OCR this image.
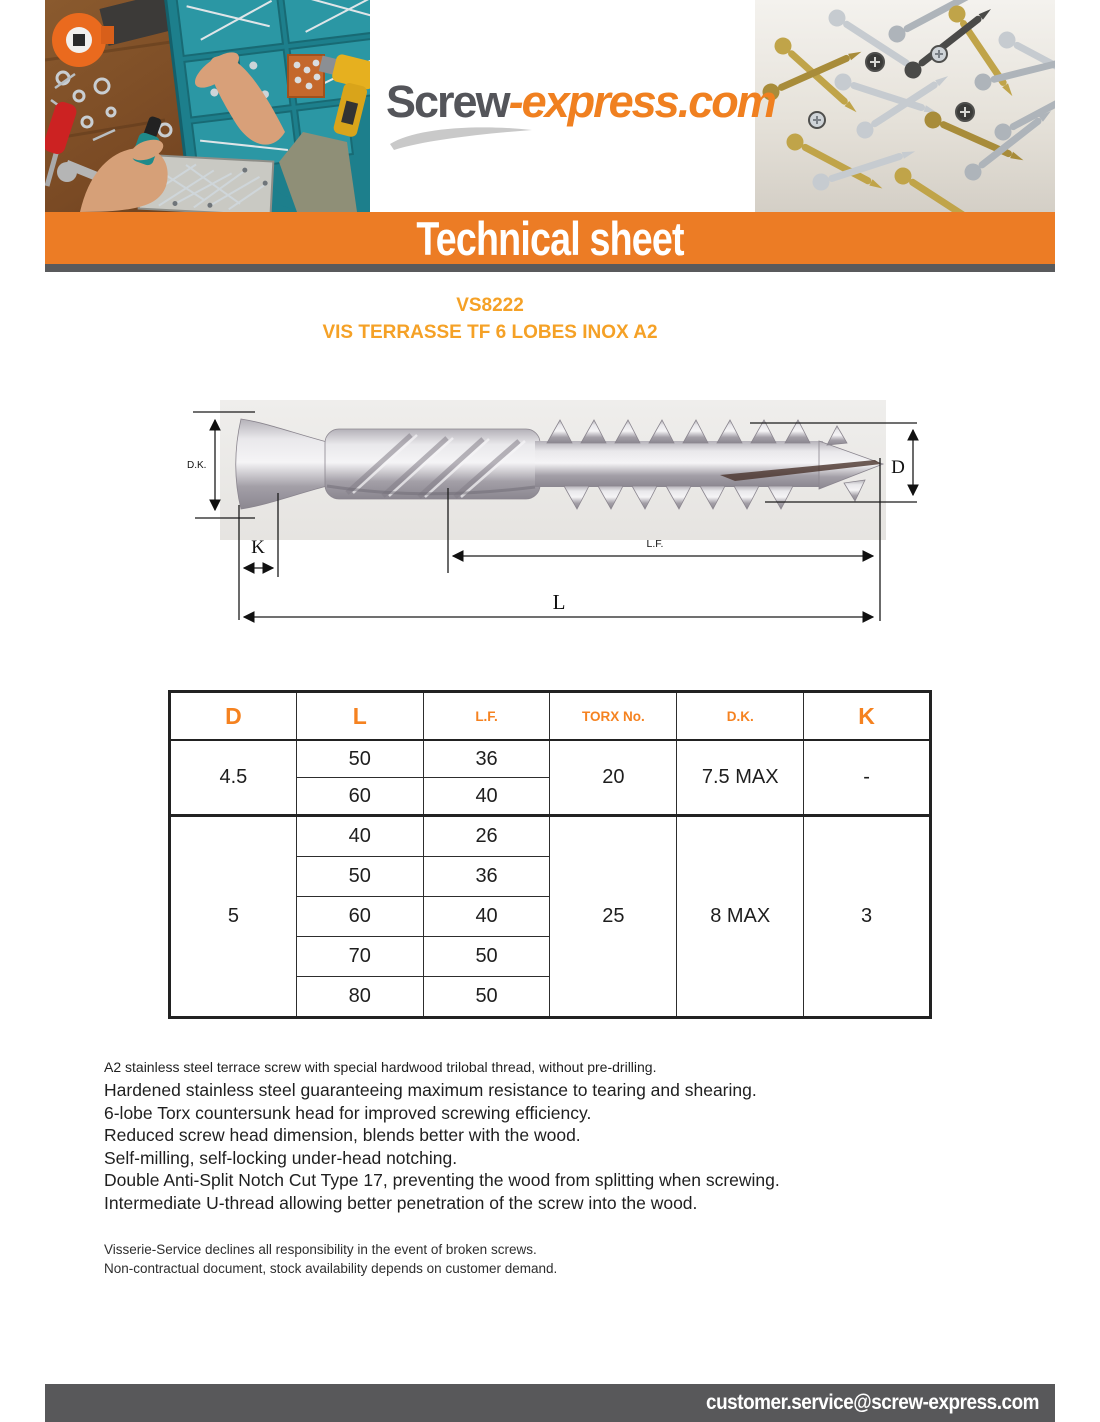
Screw-express.com
Technical sheet
VS8222
VIS TERRASSE TF 6 LOBES INOX A2
D.K.
K	L.F.
L
D
D	L	L.F.	TORX No.	D.K.	K
4.5	50	36	20	7.5 MAX	-
	60	40			
5	40	26	25	8 MAX	3
	50	36			
	60	40			
	70	50			
	80	50			
A2 stainless steel terrace screw with special hardwood trilobal thread, without pre-drilling.
Hardened stainless steel guaranteeing maximum resistance to tearing and shearing.
6-lobe Torx countersunk head for improved screwing efficiency.
Reduced screw head dimension, blends better with the wood.
Self-milling, self-locking under-head notching.
Double Anti-Split Notch Cut Type 17, preventing the wood from splitting when screwing.
Intermediate U-thread allowing better penetration of the screw into the wood.
Visserie-Service declines all responsibility in the event of broken screws.
Non-contractual document, stock availability depends on customer demand.
customer.service@screw-express.com
